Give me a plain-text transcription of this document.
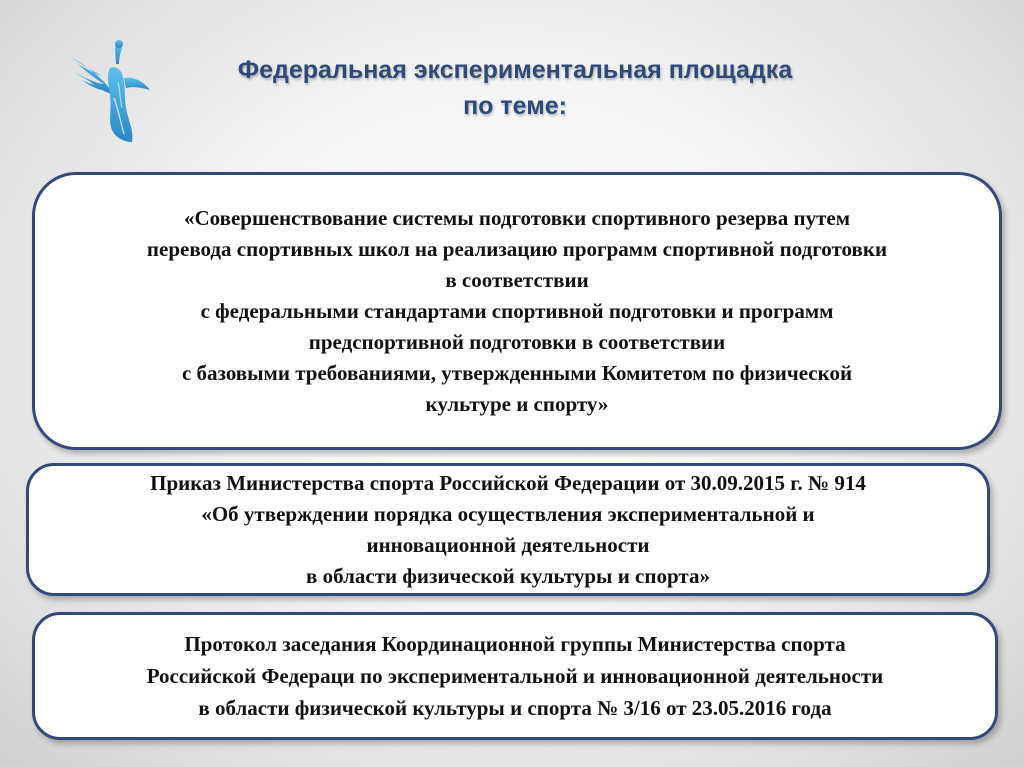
Федеральная экспериментальная площадка
по теме:
«Совершенствование системы подготовки спортивного резерва путем
перевода спортивных школ на реализацию программ спортивной подготовки
в соответствии
с федеральными стандартами спортивной подготовки и программ
предспортивной подготовки в соответствии
с базовыми требованиями, утвержденными Комитетом по физической
культуре и спорту»
Приказ Министерства спорта Российской Федерации от 30.09.2015 г. № 914
«Об утверждении порядка осуществления экспериментальной и
инновационной деятельности
в области физической культуры и спорта»
Протокол заседания Координационной группы Министерства спорта
Российской Федераци по экспериментальной и инновационной деятельности
в области физической культуры и спорта № 3/16 от 23.05.2016 года
